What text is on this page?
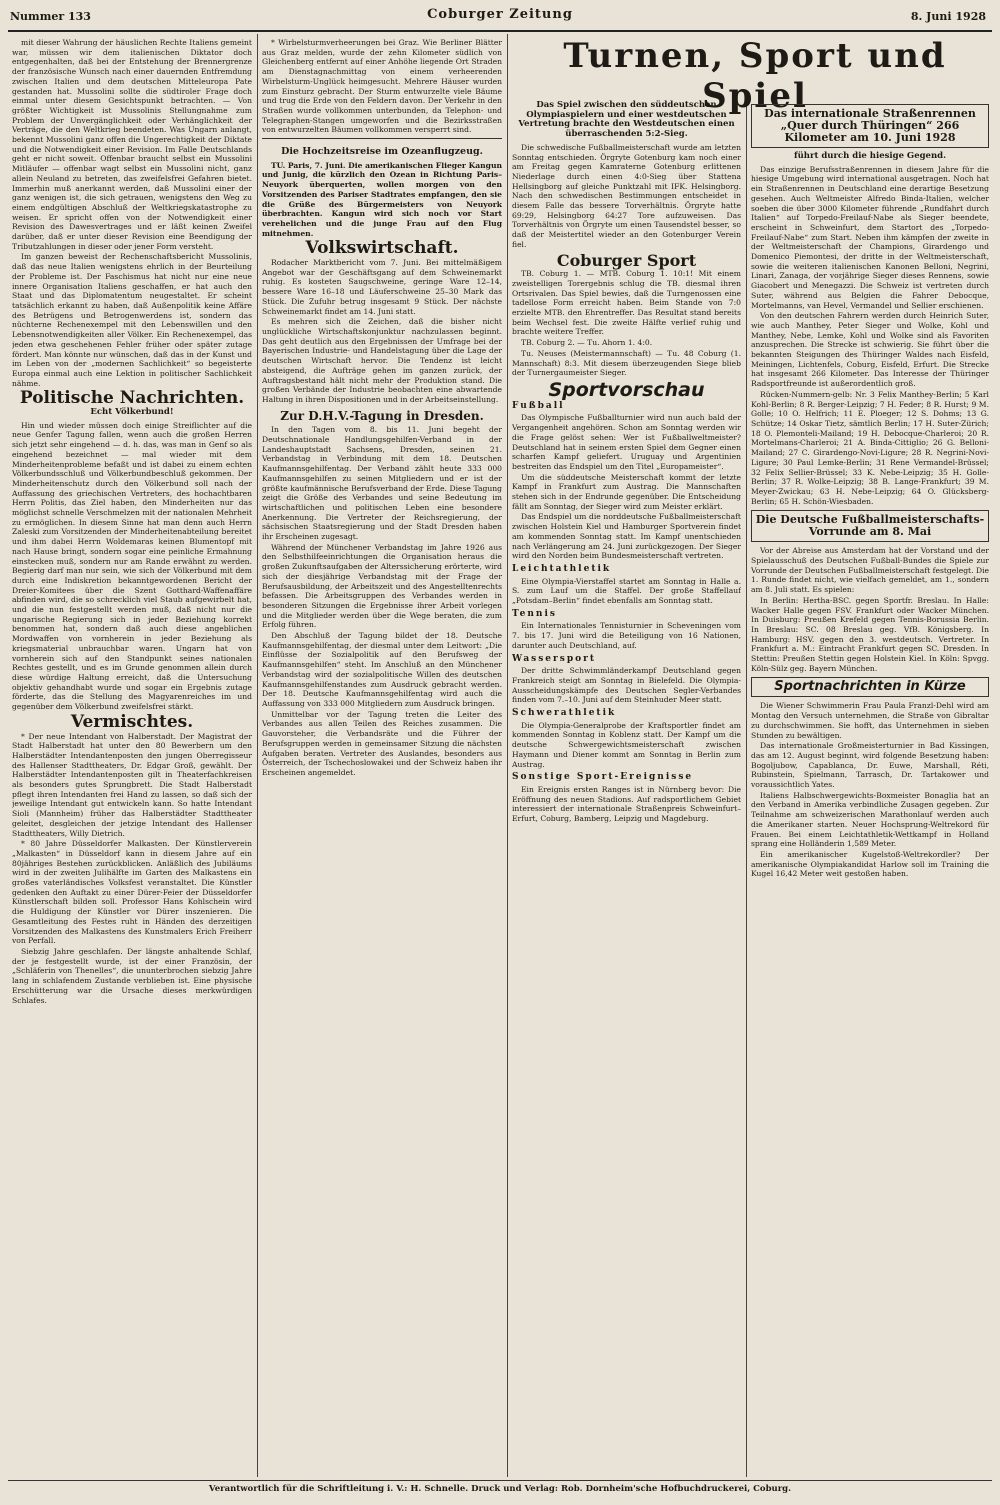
Nummer 133	Coburger Zeitung	8. Juni 1928

mit dieser Wahrung der häuslichen Rechte Italiens gemeint war, müssen wir dem italienischen Diktator doch entgegenhalten, daß bei der Entstehung der Brennergrenze der französische Wunsch nach einer dauernden Entfremdung zwischen Italien und dem deutschen Mitteleuropa Pate gestanden hat. Mussolini sollte die südtiroler Frage doch einmal unter diesem Gesichtspunkt betrachten. — Von größter Wichtigkeit ist Mussolinis Stellungnahme zum Problem der Unvergänglichkeit oder Verhänglichkeit der Verträge, die den Weltkrieg beendeten. Was Ungarn anlangt, bekennt Mussolini ganz offen die Ungerechtigkeit der Diktate und die Notwendigkeit einer Revision. Im Falle Deutschlands geht er nicht soweit. Offenbar braucht selbst ein Mussolini Mitläufer — offenbar wagt selbst ein Mussolini nicht, ganz allein Neuland zu betreten, das zweifelsfrei Gefahren bietet. Immerhin muß anerkannt werden, daß Mussolini einer der ganz wenigen ist, die sich getrauen, wenigstens den Weg zu einem endgültigen Abschluß der Weltkriegskatastrophe zu weisen. Er spricht offen von der Notwendigkeit einer Revision des Dawesvertrages und er läßt keinen Zweifel darüber, daß er unter dieser Revision eine Beendigung der Tributzahlungen in dieser oder jener Form versteht.

Im ganzen beweist der Rechenschaftsbericht Mussolinis, daß das neue Italien wenigstens ehrlich in der Beurteilung der Probleme ist. Der Faschismus hat nicht nur eine neue innere Organisation Italiens geschaffen, er hat auch den Staat und das Diplomatentum neugestaltet. Er scheint tatsächlich erkannt zu haben, daß Außenpolitik keine Affäre des Betrügens und Betrogenwerdens ist, sondern das nüchterne Rechenexempel mit den Lebenswillen und den Lebensnotwendigkeiten aller Völker. Ein Rechenexempel, das jeden etwa geschehenen Fehler früher oder später zutage fördert. Man könnte nur wünschen, daß das in der Kunst und im Leben von der „modernen Sachlichkeit“ so begeisterte Europa einmal auch eine Lektion in politischer Sachlichkeit nähme.

Politische Nachrichten.
Echt Völkerbund!

Hin und wieder müssen doch einige Streiflichter auf die neue Genfer Tagung fallen, wenn auch die großen Herren sich jetzt sehr eingehend — d. h. das, was man in Genf so als eingehend bezeichnet — mal wieder mit dem Minderheitenprobleme befaßt und ist dabei zu einem echten Völkerbundsschluß und Völkerbundbeschluß gekommen. Der Minderheitenschutz durch den Völkerbund soll nach der Auffassung des griechischen Vertreters, des hochachtbaren Herrn Politis, das Ziel haben, den Minderheiten nur das möglichst schnelle Verschmelzen mit der nationalen Mehrheit zu ermöglichen. In diesem Sinne hat man denn auch Herrn Zaleski zum Vorsitzenden der Minderheitenabteilung bereitet und ihm dabei Herrn Woldemaras keinen Blumentopf mit nach Hause bringt, sondern sogar eine peinliche Ermahnung einstecken muß, sondern nur am Rande erwähnt zu werden. Begierig darf man nur sein, wie sich der Völkerbund mit dem durch eine Indiskretion bekanntgewordenen Bericht der Dreier-Komitees über die Szent Gotthard-Waffenaffäre abfinden wird, die so schrecklich viel Staub aufgewirbelt hat, und die nun festgestellt werden muß, daß nicht nur die ungarische Regierung sich in jeder Beziehung korrekt benommen hat, sondern daß auch diese angeblichen Mordwaffen von vornherein in jeder Beziehung als kriegsmaterial unbrauchbar waren. Ungarn hat von vornherein sich auf den Standpunkt seines nationalen Rechtes gestellt, und es im Grunde genommen allein durch diese würdige Haltung erreicht, daß die Untersuchung objektiv gehandhabt wurde und sogar ein Ergebnis zutage förderte, das die Stellung des Magyarenreiches im und gegenüber dem Völkerbund zweifelsfrei stärkt.

Vermischtes.

* Der neue Intendant von Halberstadt. Der Magistrat der Stadt Halberstadt hat unter den 80 Bewerbern um den Halberstädter Intendantenposten den jungen Oberregisseur des Hallenser Stadttheaters, Dr. Edgar Groß, gewählt. Der Halberstädter Intendantenposten gilt in Theaterfachkreisen als besonders gutes Sprungbrett. Die Stadt Halberstadt pflegt ihren Intendanten frei Hand zu lassen, so daß sich der jeweilige Intendant gut entwickeln kann. So hatte Intendant Sioli (Mannheim) früher das Halberstädter Stadttheater geleitet, desgleichen der jetzige Intendant des Hallenser Stadttheaters, Willy Dietrich.

* 80 Jahre Düsseldorfer Malkasten. Der Künstlerverein „Malkasten“ in Düsseldorf kann in diesem Jahre auf ein 80jähriges Bestehen zurückblicken. Anläßlich des Jubiläums wird in der zweiten Julihälfte im Garten des Malkastens ein großes vaterländisches Volksfest veranstaltet. Die Künstler gedenken den Auftakt zu einer Dürer-Feier der Düsseldorfer Künstlerschaft bilden soll. Professor Hans Kohlschein wird die Huldigung der Künstler vor Dürer inszenieren. Die Gesamtleitung des Festes ruht in Händen des derzeitigen Vorsitzenden des Malkastens des Kunstmalers Erich Freiherr von Perfall.

Siebzig Jahre geschlafen. Der längste anhaltende Schlaf, der je festgestellt wurde, ist der einer Französin, der „Schläferin von Thenelles“, die ununterbrochen siebzig Jahre lang in schlafendem Zustande verblieben ist. Eine physische Erschütterung war die Ursache dieses merkwürdigen Schlafes.

* Wirbelsturmverheerungen bei Graz. Wie Berliner Blätter aus Graz melden, wurde der zehn Kilometer südlich von Gleichenberg entfernt auf einer Anhöhe liegende Ort Straden am Dienstagnachmittag von einem verheerenden Wirbelsturm-Unglück heimgesucht. Mehrere Häuser wurden zum Einsturz gebracht. Der Sturm entwurzelte viele Bäume und trug die Erde von den Feldern davon. Der Verkehr in den Straßen wurde vollkommen unterbunden, da Telephon- und Telegraphen-Stangen umgeworfen und die Bezirksstraßen von entwurzelten Bäumen vollkommen versperrt sind.

Die Hochzeitsreise im Ozeanflugzeug.

TU. Paris, 7. Juni. Die amerikanischen Flieger Kangun und Junig, die kürzlich den Ozean in Richtung Paris–Neuyork überquerten, wollen morgen von den Vorsitzenden des Pariser Stadtrates empfangen, den sie die Grüße des Bürgermeisters von Neuyork überbrachten. Kangun wird sich noch vor Start verehelichen und die junge Frau auf den Flug mitnehmen.

Volkswirtschaft.

Rodacher Marktbericht vom 7. Juni. Bei mittelmäßigem Angebot war der Geschäftsgang auf dem Schweinemarkt ruhig. Es kosteten Saugschweine, geringe Ware 12–14, bessere Ware 16–18 und Läuferschweine 25–30 Mark das Stück. Die Zufuhr betrug insgesamt 9 Stück. Der nächste Schweinemarkt findet am 14. Juni statt.

Es mehren sich die Zeichen, daß die bisher nicht unglückliche Wirtschaftskonjunktur nachzulassen beginnt. Das geht deutlich aus den Ergebnissen der Umfrage bei der Bayerischen Industrie- und Handelstagung über die Lage der deutschen Wirtschaft hervor. Die Tendenz ist leicht absteigend, die Aufträge gehen im ganzen zurück, der Auftragsbestand hält nicht mehr der Produktion stand. Die großen Verbände der Industrie beobachten eine abwartende Haltung in ihren Dispositionen und in der Arbeitseinstellung.

Zur D.H.V.-Tagung in Dresden.

In den Tagen vom 8. bis 11. Juni begeht der Deutschnationale Handlungsgehilfen-Verband in der Landeshauptstadt Sachsens, Dresden, seinen 21. Verbandstag in Verbindung mit dem 18. Deutschen Kaufmannsgehilfentag. Der Verband zählt heute 333 000 Kaufmannsgehilfen zu seinen Mitgliedern und er ist der größte kaufmännische Berufsverband der Erde. Diese Tagung zeigt die Größe des Verbandes und seine Bedeutung im wirtschaftlichen und politischen Leben eine besondere Anerkennung. Die Vertreter der Reichsregierung, der sächsischen Staatsregierung und der Stadt Dresden haben ihr Erscheinen zugesagt.

Während der Münchener Verbandstag im Jahre 1926 aus den Selbsthilfeeinrichtungen die Organisation heraus die großen Zukunftsaufgaben der Alterssicherung erörterte, wird sich der diesjährige Verbandstag mit der Frage der Berufsausbildung, der Arbeitszeit und des Angestelltenrechts befassen. Die Arbeitsgruppen des Verbandes werden in besonderen Sitzungen die Ergebnisse ihrer Arbeit vorlegen und die Mitglieder werden über die Wege beraten, die zum Erfolg führen.

Den Abschluß der Tagung bildet der 18. Deutsche Kaufmannsgehilfentag, der diesmal unter dem Leitwort: „Die Einflüsse der Sozialpolitik auf den Berufsweg der Kaufmannsgehilfen“ steht. Im Anschluß an den Münchener Verbandstag wird der sozialpolitische Willen des deutschen Kaufmannsgehilfenstandes zum Ausdruck gebracht werden. Der 18. Deutsche Kaufmannsgehilfentag wird auch die Auffassung von 333 000 Mitgliedern zum Ausdruck bringen.

Unmittelbar vor der Tagung treten die Leiter des Verbandes aus allen Teilen des Reiches zusammen. Die Gauvorsteher, die Verbandsräte und die Führer der Berufsgruppen werden in gemeinsamer Sitzung die nächsten Aufgaben beraten. Vertreter des Auslandes, besonders aus Österreich, der Tschechoslowakei und der Schweiz haben ihr Erscheinen angemeldet.

Turnen, Sport und Spiel
Das Spiel zwischen den süddeutschen Olympiaspielern und einer westdeutschen Vertretung brachte den Westdeutschen einen überraschenden 5:2-Sieg.

Die schwedische Fußballmeisterschaft wurde am letzten Sonntag entschieden. Örgryte Gotenburg kam noch einer am Freitag gegen Kamraterne Gotenburg erlittenen Niederlage durch einen 4:0-Sieg über Stattena Hellsingborg auf gleiche Punktzahl mit IFK. Helsingborg. Nach den schwedischen Bestimmungen entscheidet in diesem Falle das bessere Torverhältnis. Örgryte hatte 69:29, Helsingborg 64:27 Tore aufzuweisen. Das Torverhältnis von Örgryte um einen Tausendstel besser, so daß der Meistertitel wieder an den Gotenburger Verein fiel.

Coburger Sport

TB. Coburg 1. — MTB. Coburg 1. 10:1! Mit einem zweistelligen Torergebnis schlug die TB. diesmal ihren Ortsrivalen. Das Spiel bewies, daß die Turngenossen eine tadellose Form erreicht haben. Beim Stande von 7:0 erzielte MTB. den Ehrentreffer. Das Resultat stand bereits beim Wechsel fest. Die zweite Hälfte verlief ruhig und brachte weitere Treffer.

TB. Coburg 2. — Tu. Ahorn 1. 4:0.

Tu. Neuses (Meistermannschaft) — Tu. 48 Coburg (1. Mannschaft) 8:3. Mit diesem überzeugenden Siege blieb der Turnergaumeister Sieger.

Sportvorschau
Fußball

Das Olympische Fußballturnier wird nun auch bald der Vergangenheit angehören. Schon am Sonntag werden wir die Frage gelöst sehen: Wer ist Fußballweltmeister? Deutschland hat in seinem ersten Spiel dem Gegner einen scharfen Kampf geliefert. Uruguay und Argentinien bestreiten das Endspiel um den Titel „Europameister“.

Um die süddeutsche Meisterschaft kommt der letzte Kampf in Frankfurt zum Austrag. Die Mannschaften stehen sich in der Endrunde gegenüber. Die Entscheidung fällt am Sonntag, der Sieger wird zum Meister erklärt.

Das Endspiel um die norddeutsche Fußballmeisterschaft zwischen Holstein Kiel und Hamburger Sportverein findet am kommenden Sonntag statt. Im Kampf unentschieden nach Verlängerung am 24. Juni zurückgezogen. Der Sieger wird den Norden beim Bundesmeisterschaft vertreten.

Leichtathletik

Eine Olympia-Vierstaffel startet am Sonntag in Halle a. S. zum Lauf um die Staffel. Der große Staffellauf „Potsdam–Berlin“ findet ebenfalls am Sonntag statt.

Tennis

Ein Internationales Tennisturnier in Scheveningen vom 7. bis 17. Juni wird die Beteiligung von 16 Nationen, darunter auch Deutschland, auf.

Wassersport

Der dritte Schwimmländerkampf Deutschland gegen Frankreich steigt am Sonntag in Bielefeld. Die Olympia-Ausscheidungskämpfe des Deutschen Segler-Verbandes finden vom 7.–10. Juni auf dem Steinhuder Meer statt.

Schwerathletik

Die Olympia-Generalprobe der Kraftsportler findet am kommenden Sonntag in Koblenz statt. Der Kampf um die deutsche Schwergewichtsmeisterschaft zwischen Haymann und Diener kommt am Sonntag in Berlin zum Austrag.

Sonstige Sport-Ereignisse

Ein Ereignis ersten Ranges ist in Nürnberg bevor: Die Eröffnung des neuen Stadions. Auf radsportlichem Gebiet interessiert der internationale Straßenpreis Schweinfurt–Erfurt, Coburg, Bamberg, Leipzig und Magdeburg.

Das internationale Straßenrennen „Quer durch Thüringen“ 266 Kilometer am 10. Juni 1928
führt durch die hiesige Gegend.

Das einzige Berufsstraßenrennen in diesem Jahre für die hiesige Umgebung wird international ausgetragen. Noch hat ein Straßenrennen in Deutschland eine derartige Besetzung gesehen. Auch Weltmeister Alfredo Binda-Italien, welcher soeben die über 3000 Kilometer führende „Rundfahrt durch Italien“ auf Torpedo-Freilauf-Nabe als Sieger beendete, erscheint in Schweinfurt, dem Startort des „Torpedo-Freilauf-Nabe“ zum Start. Neben ihm kämpfen der zweite in der Weltmeisterschaft der Champions, Girardengo und Domenico Piemontesi, der dritte in der Weltmeisterschaft, sowie die weiteren italienischen Kanonen Belloni, Negrini, Linari, Zanaga, der vorjährige Sieger dieses Rennens, sowie Giacobert und Menegazzi. Die Schweiz ist vertreten durch Suter, während aus Belgien die Fahrer Debocque, Mortelmanns, van Hevel, Vermandel und Sellier erschienen.

Von den deutschen Fahrern werden durch Heinrich Suter, wie auch Manthey, Peter Sieger und Wolke, Kohl und Manthey, Nebe, Lemke, Kohl und Wolke sind als Favoriten anzusprechen. Die Strecke ist schwierig. Sie führt über die bekannten Steigungen des Thüringer Waldes nach Eisfeld, Meiningen, Lichtenfels, Coburg, Eisfeld, Erfurt. Die Strecke hat insgesamt 266 Kilometer. Das Interesse der Thüringer Radsportfreunde ist außerordentlich groß.

Rücken-Nummern-gelb: Nr. 3 Felix Manthey-Berlin; 5 Karl Kohl-Berlin; 8 R. Berger-Leipzig; 7 H. Feder; 8 R. Hurst; 9 M. Golle; 10 O. Helfrich; 11 E. Ploeger; 12 S. Dohms; 13 G. Schütze; 14 Oskar Tietz, sämtlich Berlin; 17 H. Suter-Zürich; 18 O. Plemonteli-Mailand; 19 H. Debocque-Charleroi; 20 R. Mortelmans-Charleroi; 21 A. Binda-Cittiglio; 26 G. Belloni-Mailand; 27 C. Girardengo-Novi-Ligure; 28 R. Negrini-Novi-Ligure; 30 Paul Lemke-Berlin; 31 Rene Vermandel-Brüssel; 32 Felix Sellier-Brüssel; 33 K. Nebe-Leipzig; 35 H. Golle-Berlin; 37 R. Wolke-Leipzig; 38 B. Lange-Frankfurt; 39 M. Meyer-Zwickau; 63 H. Nebe-Leipzig; 64 O. Glücksberg-Berlin; 65 H. Schön-Wiesbaden.

Die Deutsche Fußballmeisterschafts-Vorrunde am 8. Mai

Vor der Abreise aus Amsterdam hat der Vorstand und der Spielausschuß des Deutschen Fußball-Bundes die Spiele zur Vorrunde der Deutschen Fußballmeisterschaft festgelegt. Die 1. Runde findet nicht, wie vielfach gemeldet, am 1., sondern am 8. Juli statt. Es spielen:

In Berlin: Hertha-BSC. gegen Sportfr. Breslau. In Halle: Wacker Halle gegen FSV. Frankfurt oder Wacker München. In Duisburg: Preußen Krefeld gegen Tennis-Borussia Berlin. In Breslau: SC. 08 Breslau geg. VfB. Königsberg. In Hamburg: HSV. gegen den 3. westdeutsch. Vertreter. In Frankfurt a. M.: Eintracht Frankfurt gegen SC. Dresden. In Stettin: Preußen Stettin gegen Holstein Kiel. In Köln: Spvgg. Köln-Sülz geg. Bayern München.

Sportnachrichten in Kürze

Die Wiener Schwimmerin Frau Paula Franzl-Dehl wird am Montag den Versuch unternehmen, die Straße von Gibraltar zu durchschwimmen. Sie hofft, das Unternehmen in sieben Stunden zu bewältigen.

Das internationale Großmeisterturnier in Bad Kissingen, das am 12. August beginnt, wird folgende Besetzung haben: Bogoljubow, Capablanca, Dr. Euwe, Marshall, Réti, Rubinstein, Spielmann, Tarrasch, Dr. Tartakower und voraussichtlich Yates.

Italiens Halbschwergewichts-Boxmeister Bonaglia hat an den Verband in Amerika verbindliche Zusagen gegeben. Zur Teilnahme am schweizerischen Marathonlauf werden auch die Amerikaner starten. Neuer Hochsprung-Weltrekord für Frauen. Bei einem Leichtathletik-Wettkampf in Holland sprang eine Holländerin 1,589 Meter.

Ein amerikanischer Kugelstoß-Weltrekordler? Der amerikanische Olympiakandidat Harlow soll im Training die Kugel 16,42 Meter weit gestoßen haben.

Verantwortlich für die Schriftleitung i. V.: H. Schnelle. Druck und Verlag: Rob. Dornheim'sche Hofbuchdruckerei, Coburg.
